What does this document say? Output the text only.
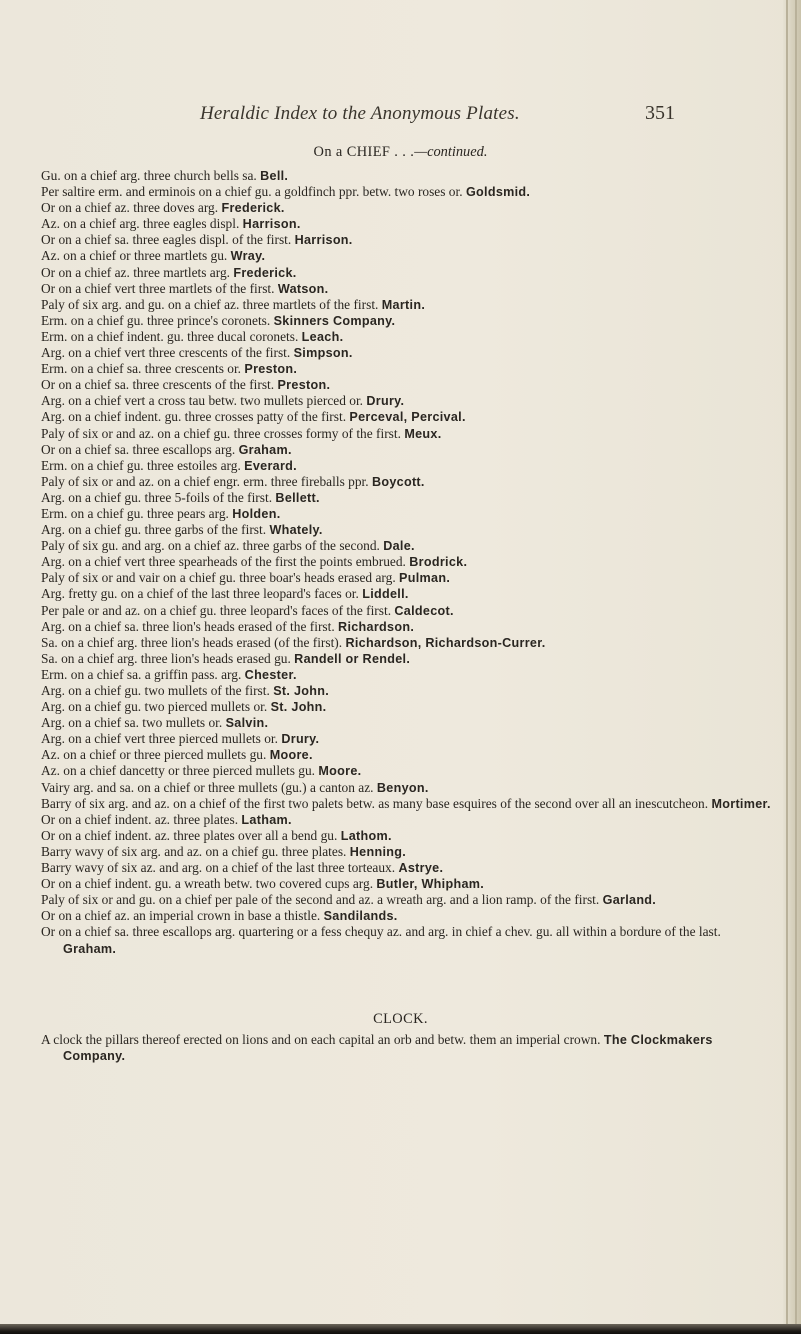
Heraldic Index to the Anonymous Plates.	351
On a CHIEF . . .—continued.
Gu. on a chief arg. three church bells sa. Bell.
Per saltire erm. and erminois on a chief gu. a goldfinch ppr. betw. two roses or. Goldsmid.
Or on a chief az. three doves arg. Frederick.
Az. on a chief arg. three eagles displ. Harrison.
Or on a chief sa. three eagles displ. of the first. Harrison.
Az. on a chief or three martlets gu. Wray.
Or on a chief az. three martlets arg. Frederick.
Or on a chief vert three martlets of the first. Watson.
Paly of six arg. and gu. on a chief az. three martlets of the first. Martin.
Erm. on a chief gu. three prince's coronets. Skinners Company.
Erm. on a chief indent. gu. three ducal coronets. Leach.
Arg. on a chief vert three crescents of the first. Simpson.
Erm. on a chief sa. three crescents or. Preston.
Or on a chief sa. three crescents of the first. Preston.
Arg. on a chief vert a cross tau betw. two mullets pierced or. Drury.
Arg. on a chief indent. gu. three crosses patty of the first. Perceval, Percival.
Paly of six or and az. on a chief gu. three crosses formy of the first. Meux.
Or on a chief sa. three escallops arg. Graham.
Erm. on a chief gu. three estoiles arg. Everard.
Paly of six or and az. on a chief engr. erm. three fireballs ppr. Boycott.
Arg. on a chief gu. three 5-foils of the first. Bellett.
Erm. on a chief gu. three pears arg. Holden.
Arg. on a chief gu. three garbs of the first. Whately.
Paly of six gu. and arg. on a chief az. three garbs of the second. Dale.
Arg. on a chief vert three spearheads of the first the points embrued. Brodrick.
Paly of six or and vair on a chief gu. three boar's heads erased arg. Pulman.
Arg. fretty gu. on a chief of the last three leopard's faces or. Liddell.
Per pale or and az. on a chief gu. three leopard's faces of the first. Caldecot.
Arg. on a chief sa. three lion's heads erased of the first. Richardson.
Sa. on a chief arg. three lion's heads erased (of the first). Richardson, Richardson-Currer.
Sa. on a chief arg. three lion's heads erased gu. Randell or Rendel.
Erm. on a chief sa. a griffin pass. arg. Chester.
Arg. on a chief gu. two mullets of the first. St. John.
Arg. on a chief gu. two pierced mullets or. St. John.
Arg. on a chief sa. two mullets or. Salvin.
Arg. on a chief vert three pierced mullets or. Drury.
Az. on a chief or three pierced mullets gu. Moore.
Az. on a chief dancetty or three pierced mullets gu. Moore.
Vairy arg. and sa. on a chief or three mullets (gu.) a canton az. Benyon.
Barry of six arg. and az. on a chief of the first two palets betw. as many base esquires of the second over all an inescutcheon. Mortimer.
Or on a chief indent. az. three plates. Latham.
Or on a chief indent. az. three plates over all a bend gu. Lathom.
Barry wavy of six arg. and az. on a chief gu. three plates. Henning.
Barry wavy of six az. and arg. on a chief of the last three torteaux. Astrye.
Or on a chief indent. gu. a wreath betw. two covered cups arg. Butler, Whipham.
Paly of six or and gu. on a chief per pale of the second and az. a wreath arg. and a lion ramp. of the first. Garland.
Or on a chief az. an imperial crown in base a thistle. Sandilands.
Or on a chief sa. three escallops arg. quartering or a fess chequy az. and arg. in chief a chev. gu. all within a bordure of the last. Graham.
CLOCK.
A clock the pillars thereof erected on lions and on each capital an orb and betw. them an imperial crown. The Clockmakers Company.
